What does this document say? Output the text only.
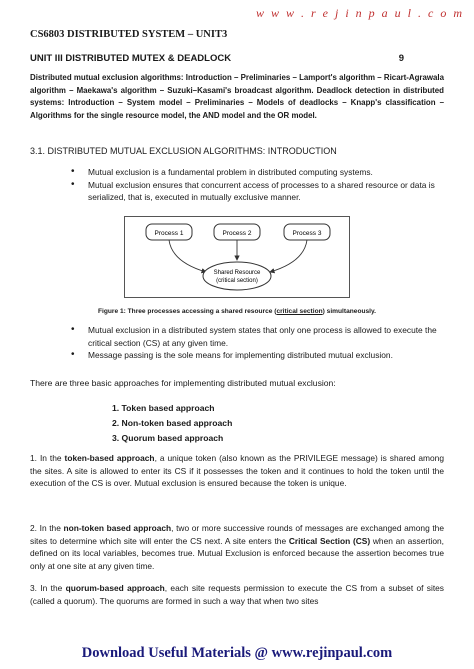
w w w . r e j i n p a u l . c o m
CS6803 DISTRIBUTED SYSTEM – UNIT3
UNIT III DISTRIBUTED MUTEX & DEADLOCK	9
Distributed mutual exclusion algorithms: Introduction – Preliminaries – Lamport's algorithm – Ricart-Agrawala algorithm – Maekawa's algorithm – Suzuki–Kasami's broadcast algorithm. Deadlock detection in distributed systems: Introduction – System model – Preliminaries – Models of deadlocks – Knapp's classification – Algorithms for the single resource model, the AND model and the OR model.
3.1. DISTRIBUTED MUTUAL EXCLUSION ALGORITHMS: INTRODUCTION
• Mutual exclusion is a fundamental problem in distributed computing systems.
• Mutual exclusion ensures that concurrent access of processes to a shared resource or data is serialized, that is, executed in mutually exclusive manner.
Process 1	Process 2	Process 3
Shared Resource
(critical section)
Figure 1: Three processes accessing a shared resource (critical section) simultaneously.
• Mutual exclusion in a distributed system states that only one process is allowed to execute the critical section (CS) at any given time.
• Message passing is the sole means for implementing distributed mutual exclusion.
There are three basic approaches for implementing distributed mutual exclusion:
1. Token based approach
2. Non-token based approach
3. Quorum based approach
1. In the token-based approach, a unique token (also known as the PRIVILEGE message) is shared among the sites. A site is allowed to enter its CS if it possesses the token and it continues to hold the token until the execution of the CS is over. Mutual exclusion is ensured because the token is unique.
2. In the non-token based approach, two or more successive rounds of messages are exchanged among the sites to determine which site will enter the CS next. A site enters the Critical Section (CS) when an assertion, defined on its local variables, becomes true. Mutual Exclusion is enforced because the assertion becomes true only at one site at any given time.
3. In the quorum-based approach, each site requests permission to execute the CS from a subset of sites (called a quorum). The quorums are formed in such a way that when two sites
Download Useful Materials @ www.rejinpaul.com
